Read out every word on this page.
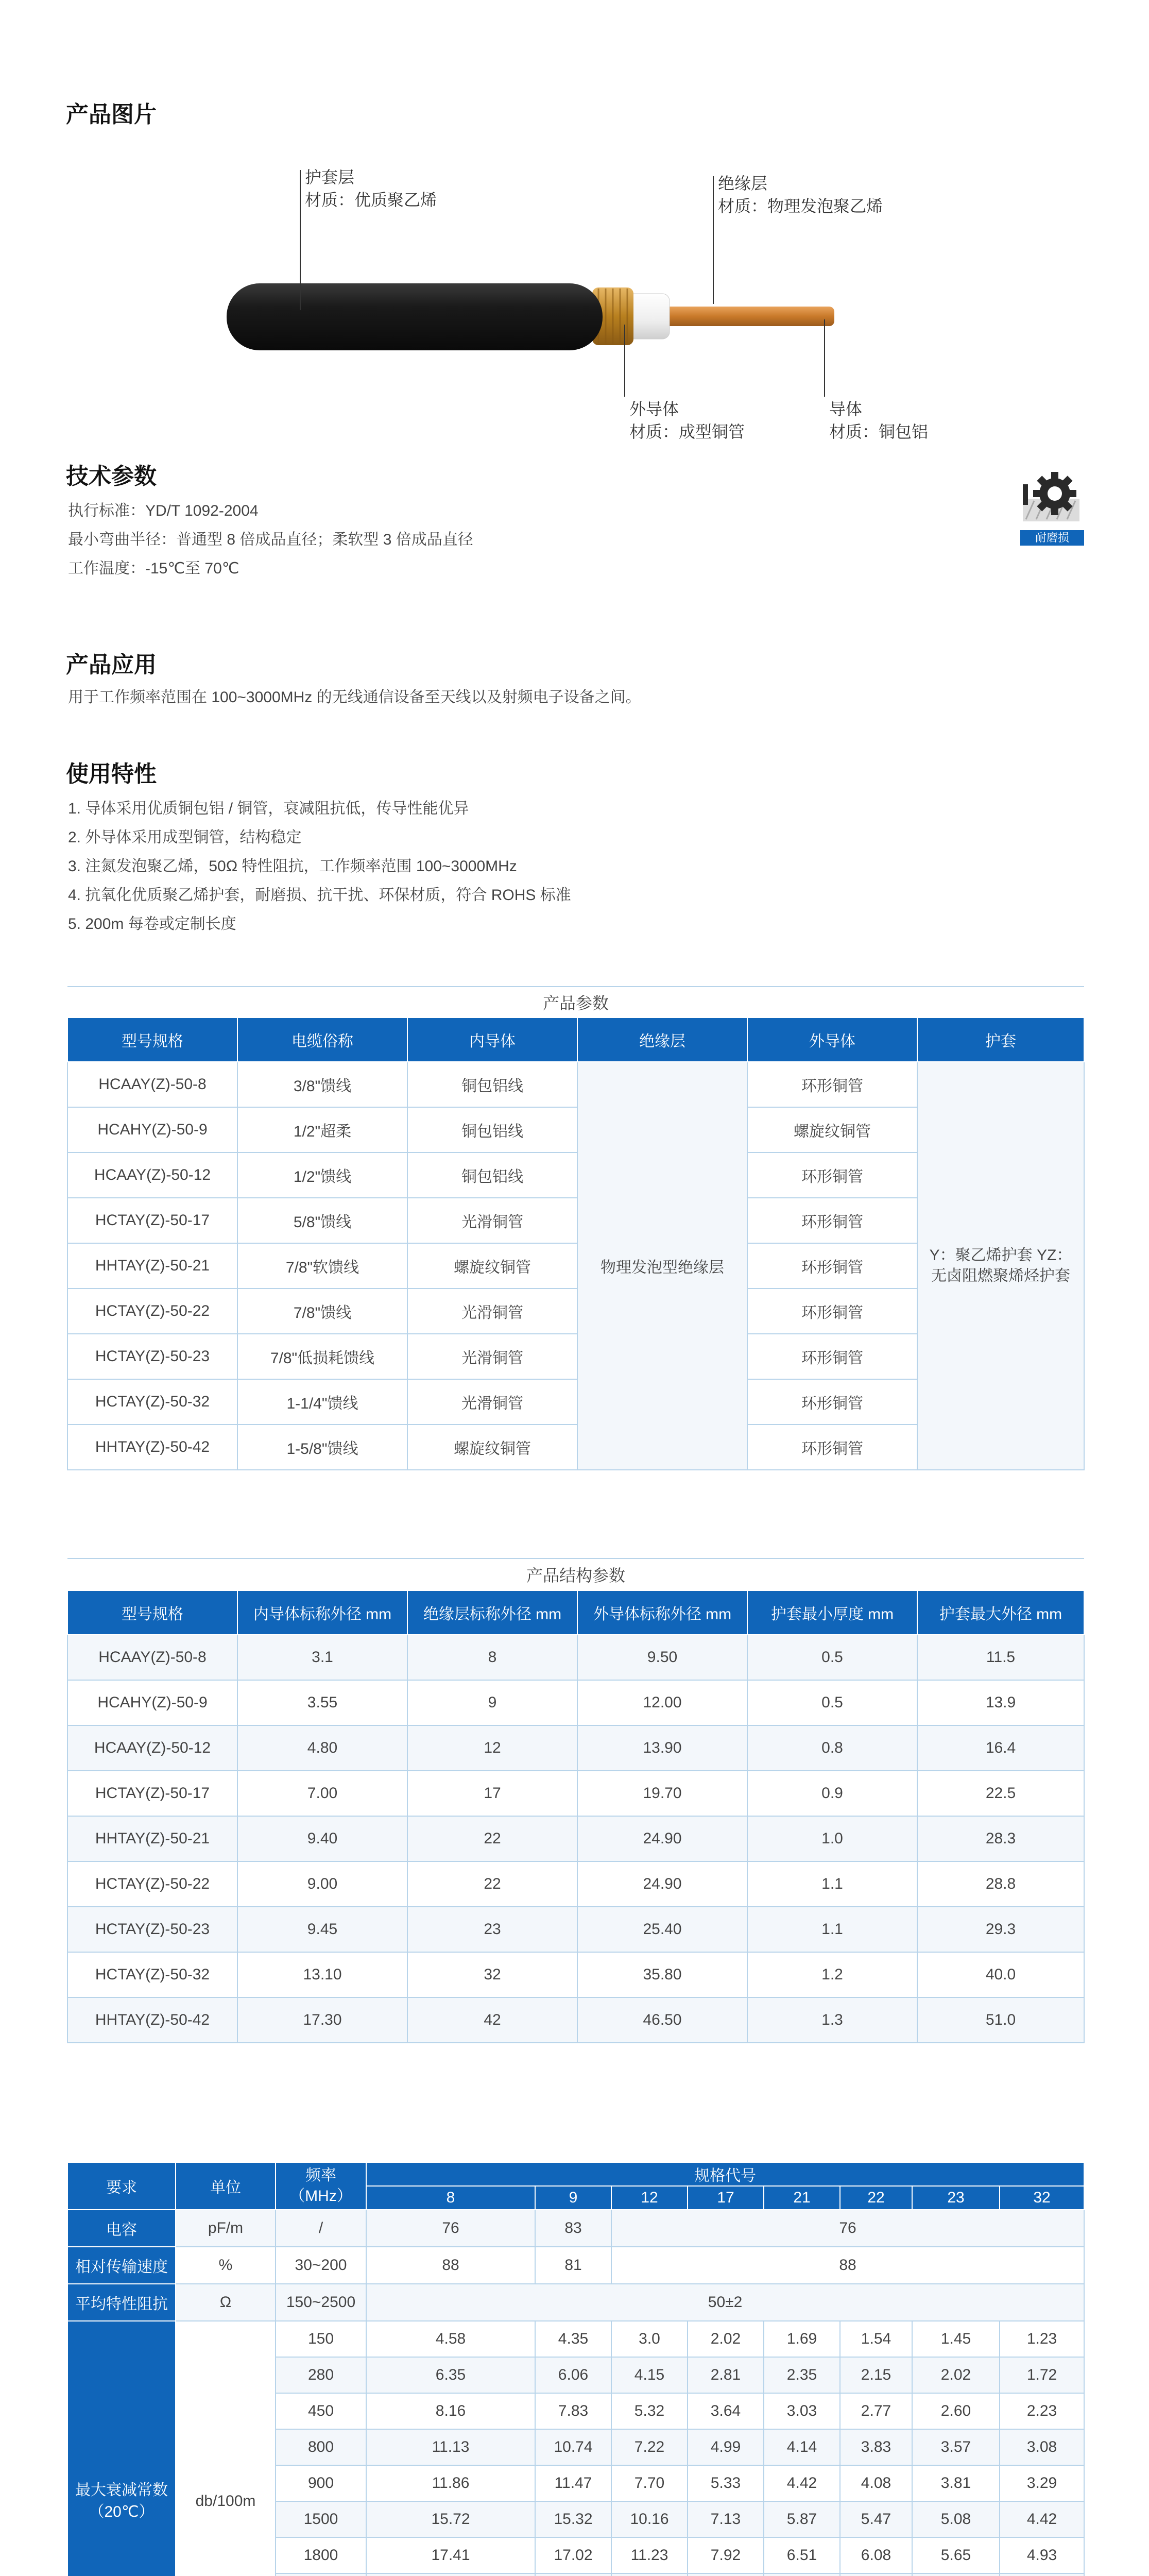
产品图片
护套层
材质：优质聚乙烯
绝缘层
材质：物理发泡聚乙烯
外导体
材质：成型铜管
导体
材质：铜包铝
技术参数
执行标准：YD/T 1092-2004
最小弯曲半径：普通型 8 倍成品直径；柔软型 3 倍成品直径
工作温度：-15℃至 70℃
耐磨损
产品应用
用于工作频率范围在 100~3000MHz 的无线通信设备至天线以及射频电子设备之间。
使用特性
1. 导体采用优质铜包铝 / 铜管，衰减阻抗低，传导性能优异
2. 外导体采用成型铜管，结构稳定
3. 注氮发泡聚乙烯，50Ω 特性阻抗，工作频率范围 100~3000MHz
4. 抗氧化优质聚乙烯护套，耐磨损、抗干扰、环保材质，符合 ROHS 标准
5. 200m 每卷或定制长度
产品参数					
型号规格	电缆俗称	内导体	绝缘层	外导体	护套
HCAAY(Z)-50-8	3/8"馈线	铜包铝线	物理发泡型绝缘层	环形铜管	Y：聚乙烯护套 YZ：无卤阻燃聚烯烃护套
HCAHY(Z)-50-9	1/2"超柔	铜包铝线		螺旋纹铜管	
HCAAY(Z)-50-12	1/2"馈线	铜包铝线		环形铜管	
HCTAY(Z)-50-17	5/8"馈线	光滑铜管		环形铜管	
HHTAY(Z)-50-21	7/8"软馈线	螺旋纹铜管		环形铜管	
HCTAY(Z)-50-22	7/8"馈线	光滑铜管		环形铜管	
HCTAY(Z)-50-23	7/8"低损耗馈线	光滑铜管		环形铜管	
HCTAY(Z)-50-32	1-1/4"馈线	光滑铜管		环形铜管	
HHTAY(Z)-50-42	1-5/8"馈线	螺旋纹铜管		环形铜管	
产品结构参数					
型号规格	内导体标称外径 mm	绝缘层标称外径 mm	外导体标称外径 mm	护套最小厚度 mm	护套最大外径 mm
HCAAY(Z)-50-8	3.1	8	9.50	0.5	11.5
HCAHY(Z)-50-9	3.55	9	12.00	0.5	13.9
HCAAY(Z)-50-12	4.80	12	13.90	0.8	16.4
HCTAY(Z)-50-17	7.00	17	19.70	0.9	22.5
HHTAY(Z)-50-21	9.40	22	24.90	1.0	28.3
HCTAY(Z)-50-22	9.00	22	24.90	1.1	28.8
HCTAY(Z)-50-23	9.45	23	25.40	1.1	29.3
HCTAY(Z)-50-32	13.10	32	35.80	1.2	40.0
HHTAY(Z)-50-42	17.30	42	46.50	1.3	51.0
要求	单位	频率（MHz）	规格代号									
			8		9	12	17	21	22	23	32	
电容	pF/m	/	76		83	76						
相对传输速度	%	30~200	88		81	88						
平均特性阻抗	Ω	150~2500	50±2									
最大衰减常数（20℃）	db/100m	150	4.58		4.35	3.0	2.02	1.69	1.54	1.45	1.23	
		280	6.35		6.06	4.15	2.81	2.35	2.15	2.02	1.72	
		450	8.16		7.83	5.32	3.64	3.03	2.77	2.60	2.23	
		800	11.13		10.74	7.22	4.99	4.14	3.83	3.57	3.08	
		900	11.86		11.47	7.70	5.33	4.42	4.08	3.81	3.29	
		1500	15.72		15.32	10.16	7.13	5.87	5.47	5.08	4.42	
		1800	17.41		17.02	11.23	7.92	6.51	6.08	5.65	4.93	
